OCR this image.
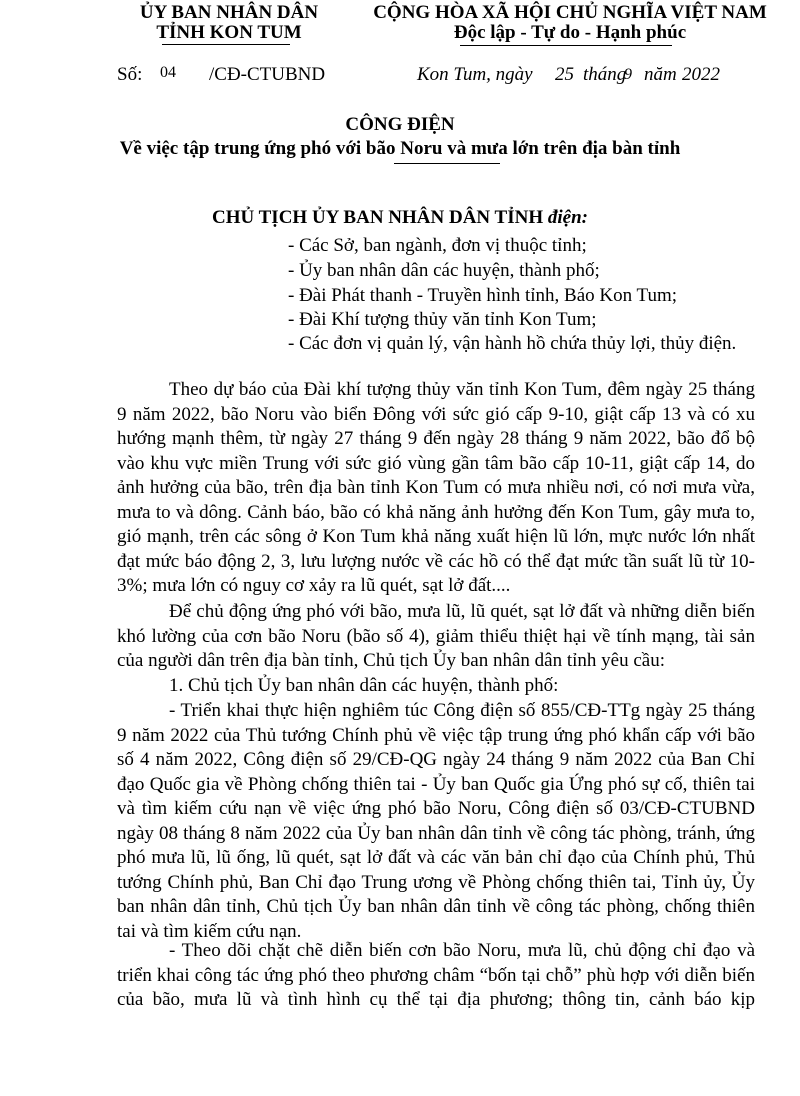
ỦY BAN NHÂN DÂN
TỈNH KON TUM
CỘNG HÒA XÃ HỘI CHỦ NGHĨA VIỆT NAM
Độc lập - Tự do - Hạnh phúc
Số: 04 /CĐ-CTUBND	Kon Tum, ngày 25 tháng
9 năm 2022
CÔNG ĐIỆN
Về việc tập trung ứng phó với bão Noru và mưa lớn trên địa bàn tỉnh
CHỦ TỊCH ỦY BAN NHÂN DÂN TỈNH điện:
- Các Sở, ban ngành, đơn vị thuộc tỉnh;
- Ủy ban nhân dân các huyện, thành phố;
- Đài Phát thanh - Truyền hình tỉnh, Báo Kon Tum;
- Đài Khí tượng thủy văn tỉnh Kon Tum;
- Các đơn vị quản lý, vận hành hồ chứa thủy lợi, thủy điện.

Theo dự báo của Đài khí tượng thủy văn tỉnh Kon Tum, đêm ngày 25 tháng 9 năm 2022, bão Noru vào biển Đông với sức gió cấp 9-10, giật cấp 13 và có xu hướng mạnh thêm, từ ngày 27 tháng 9 đến ngày 28 tháng 9 năm 2022, bão đổ bộ vào khu vực miền Trung với sức gió vùng gần tâm bão cấp 10-11, giật cấp 14, do ảnh hưởng của bão, trên địa bàn tỉnh Kon Tum có mưa nhiều nơi, có nơi mưa vừa, mưa to và dông. Cảnh báo, bão có khả năng ảnh hưởng đến Kon Tum, gây mưa to, gió mạnh, trên các sông ở Kon Tum khả năng xuất hiện lũ lớn, mực nước lớn nhất đạt mức báo động 2, 3, lưu lượng nước về các hồ có thể đạt mức tần suất lũ từ 10-3%; mưa lớn có nguy cơ xảy ra lũ quét, sạt lở đất....

Để chủ động ứng phó với bão, mưa lũ, lũ quét, sạt lở đất và những diễn biến khó lường của cơn bão Noru (bão số 4), giảm thiểu thiệt hại về tính mạng, tài sản của người dân trên địa bàn tỉnh, Chủ tịch Ủy ban nhân dân tỉnh yêu cầu:

1. Chủ tịch Ủy ban nhân dân các huyện, thành phố:

- Triển khai thực hiện nghiêm túc Công điện số 855/CĐ-TTg ngày 25 tháng 9 năm 2022 của Thủ tướng Chính phủ về việc tập trung ứng phó khẩn cấp với bão số 4 năm 2022, Công điện số 29/CĐ-QG ngày 24 tháng 9 năm 2022 của Ban Chỉ đạo Quốc gia về Phòng chống thiên tai - Ủy ban Quốc gia Ứng phó sự cố, thiên tai và tìm kiếm cứu nạn về việc ứng phó bão Noru, Công điện số 03/CĐ-CTUBND ngày 08 tháng 8 năm 2022 của Ủy ban nhân dân tỉnh về công tác phòng, tránh, ứng phó mưa lũ, lũ ống, lũ quét, sạt lở đất và các văn bản chỉ đạo của Chính phủ, Thủ tướng Chính phủ, Ban Chỉ đạo Trung ương về Phòng chống thiên tai, Tỉnh ủy, Ủy ban nhân dân tỉnh, Chủ tịch Ủy ban nhân dân tỉnh về công tác phòng, chống thiên tai và tìm kiếm cứu nạn.

- Theo dõi chặt chẽ diễn biến cơn bão Noru, mưa lũ, chủ động chỉ đạo và triển khai công tác ứng phó theo phương châm “bốn tại chỗ” phù hợp với diễn biến của bão, mưa lũ và tình hình cụ thể tại địa phương; thông tin, cảnh báo kịp
